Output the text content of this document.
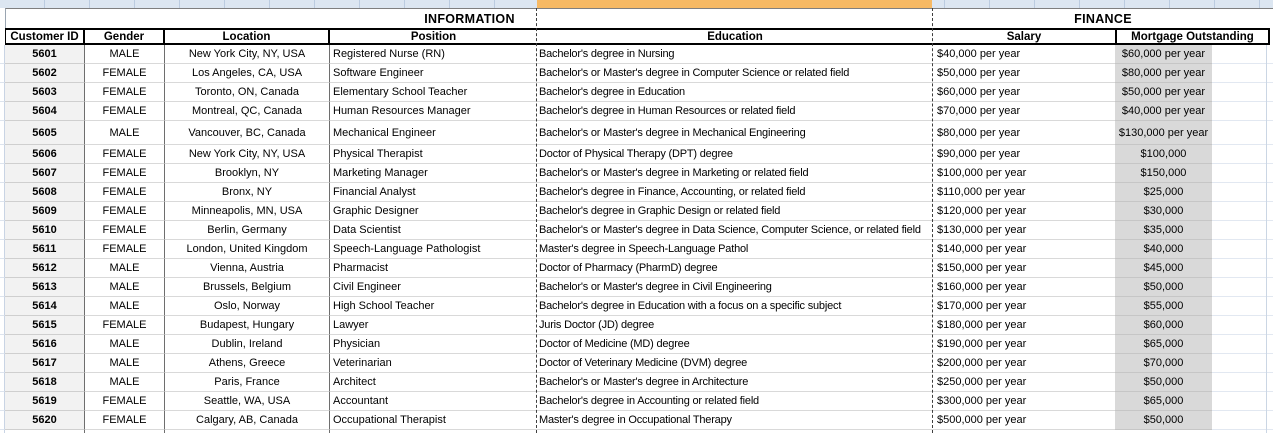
INFORMATION	FINANCE
Customer ID	Gender	Location	Position	Education	Salary	Mortgage Outstanding
5601	MALE	New York City, NY, USA	Registered Nurse (RN)	Bachelor's degree in Nursing	$40,000 per year	$60,000 per year
5602	FEMALE	Los Angeles, CA, USA	Software Engineer	Bachelor's or Master's degree in Computer Science or related field	$50,000 per year	$80,000 per year
5603	FEMALE	Toronto, ON, Canada	Elementary School Teacher	Bachelor's degree in Education	$60,000 per year	$50,000 per year
5604	FEMALE	Montreal, QC, Canada	Human Resources Manager	Bachelor's degree in Human Resources or related field	$70,000 per year	$40,000 per year
5605	MALE	Vancouver, BC, Canada	Mechanical Engineer	Bachelor's or Master's degree in Mechanical Engineering	$80,000 per year	$130,000 per year
5606	FEMALE	New York City, NY, USA	Physical Therapist	Doctor of Physical Therapy (DPT) degree	$90,000 per year	$100,000
5607	FEMALE	Brooklyn, NY	Marketing Manager	Bachelor's or Master's degree in Marketing or related field	$100,000 per year	$150,000
5608	FEMALE	Bronx, NY	Financial Analyst	Bachelor's degree in Finance, Accounting, or related field	$110,000 per year	$25,000
5609	FEMALE	Minneapolis, MN, USA	Graphic Designer	Bachelor's degree in Graphic Design or related field	$120,000 per year	$30,000
5610	FEMALE	Berlin, Germany	Data Scientist	Bachelor's or Master's degree in Data Science, Computer Science, or related field	$130,000 per year	$35,000
5611	FEMALE	London, United Kingdom	Speech-Language Pathologist	Master's degree in Speech-Language Pathol	$140,000 per year	$40,000
5612	MALE	Vienna, Austria	Pharmacist	Doctor of Pharmacy (PharmD) degree	$150,000 per year	$45,000
5613	MALE	Brussels, Belgium	Civil Engineer	Bachelor's or Master's degree in Civil Engineering	$160,000 per year	$50,000
5614	MALE	Oslo, Norway	High School Teacher	Bachelor's degree in Education with a focus on a specific subject	$170,000 per year	$55,000
5615	FEMALE	Budapest, Hungary	Lawyer	Juris Doctor (JD) degree	$180,000 per year	$60,000
5616	MALE	Dublin, Ireland	Physician	Doctor of Medicine (MD) degree	$190,000 per year	$65,000
5617	MALE	Athens, Greece	Veterinarian	Doctor of Veterinary Medicine (DVM) degree	$200,000 per year	$70,000
5618	MALE	Paris, France	Architect	Bachelor's or Master's degree in Architecture	$250,000 per year	$50,000
5619	FEMALE	Seattle, WA, USA	Accountant	Bachelor's degree in Accounting or related field	$300,000 per year	$65,000
5620	FEMALE	Calgary, AB, Canada	Occupational Therapist	Master's degree in Occupational Therapy	$500,000 per year	$50,000
